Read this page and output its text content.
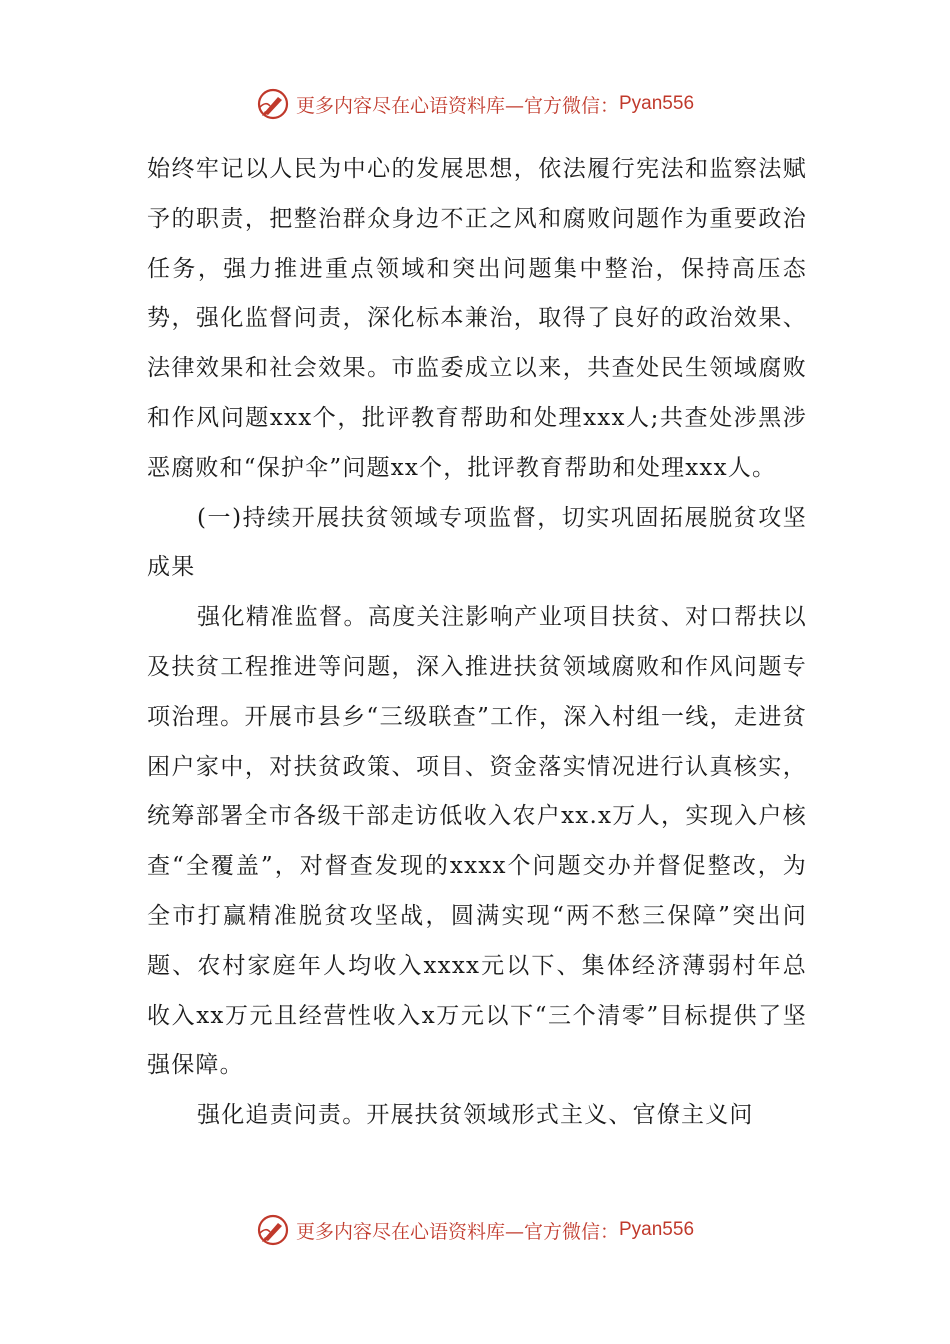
更多内容尽在心语资料库—官方微信： Pyan556

始终牢记以人民为中心的发展思想，依法履行宪法和监察法赋予的职责，把整治群众身边不正之风和腐败问题作为重要政治任务，强力推进重点领域和突出问题集中整治，保持高压态势，强化监督问责，深化标本兼治，取得了良好的政治效果、法律效果和社会效果。市监委成立以来，共查处民生领域腐败和作风问题xxx个，批评教育帮助和处理xxx人;共查处涉黑涉恶腐败和“保护伞”问题xx个，批评教育帮助和处理xxx人。

(一)持续开展扶贫领域专项监督，切实巩固拓展脱贫攻坚成果

强化精准监督。高度关注影响产业项目扶贫、对口帮扶以及扶贫工程推进等问题，深入推进扶贫领域腐败和作风问题专项治理。开展市县乡“三级联查”工作，深入村组一线，走进贫困户家中，对扶贫政策、项目、资金落实情况进行认真核实，统筹部署全市各级干部走访低收入农户xx.x万人，实现入户核查“全覆盖”，对督查发现的xxxx个问题交办并督促整改，为全市打赢精准脱贫攻坚战，圆满实现“两不愁三保障”突出问题、农村家庭年人均收入xxxx元以下、集体经济薄弱村年总收入xx万元且经营性收入x万元以下“三个清零”目标提供了坚强保障。

强化追责问责。开展扶贫领域形式主义、官僚主义问

更多内容尽在心语资料库—官方微信： Pyan556
